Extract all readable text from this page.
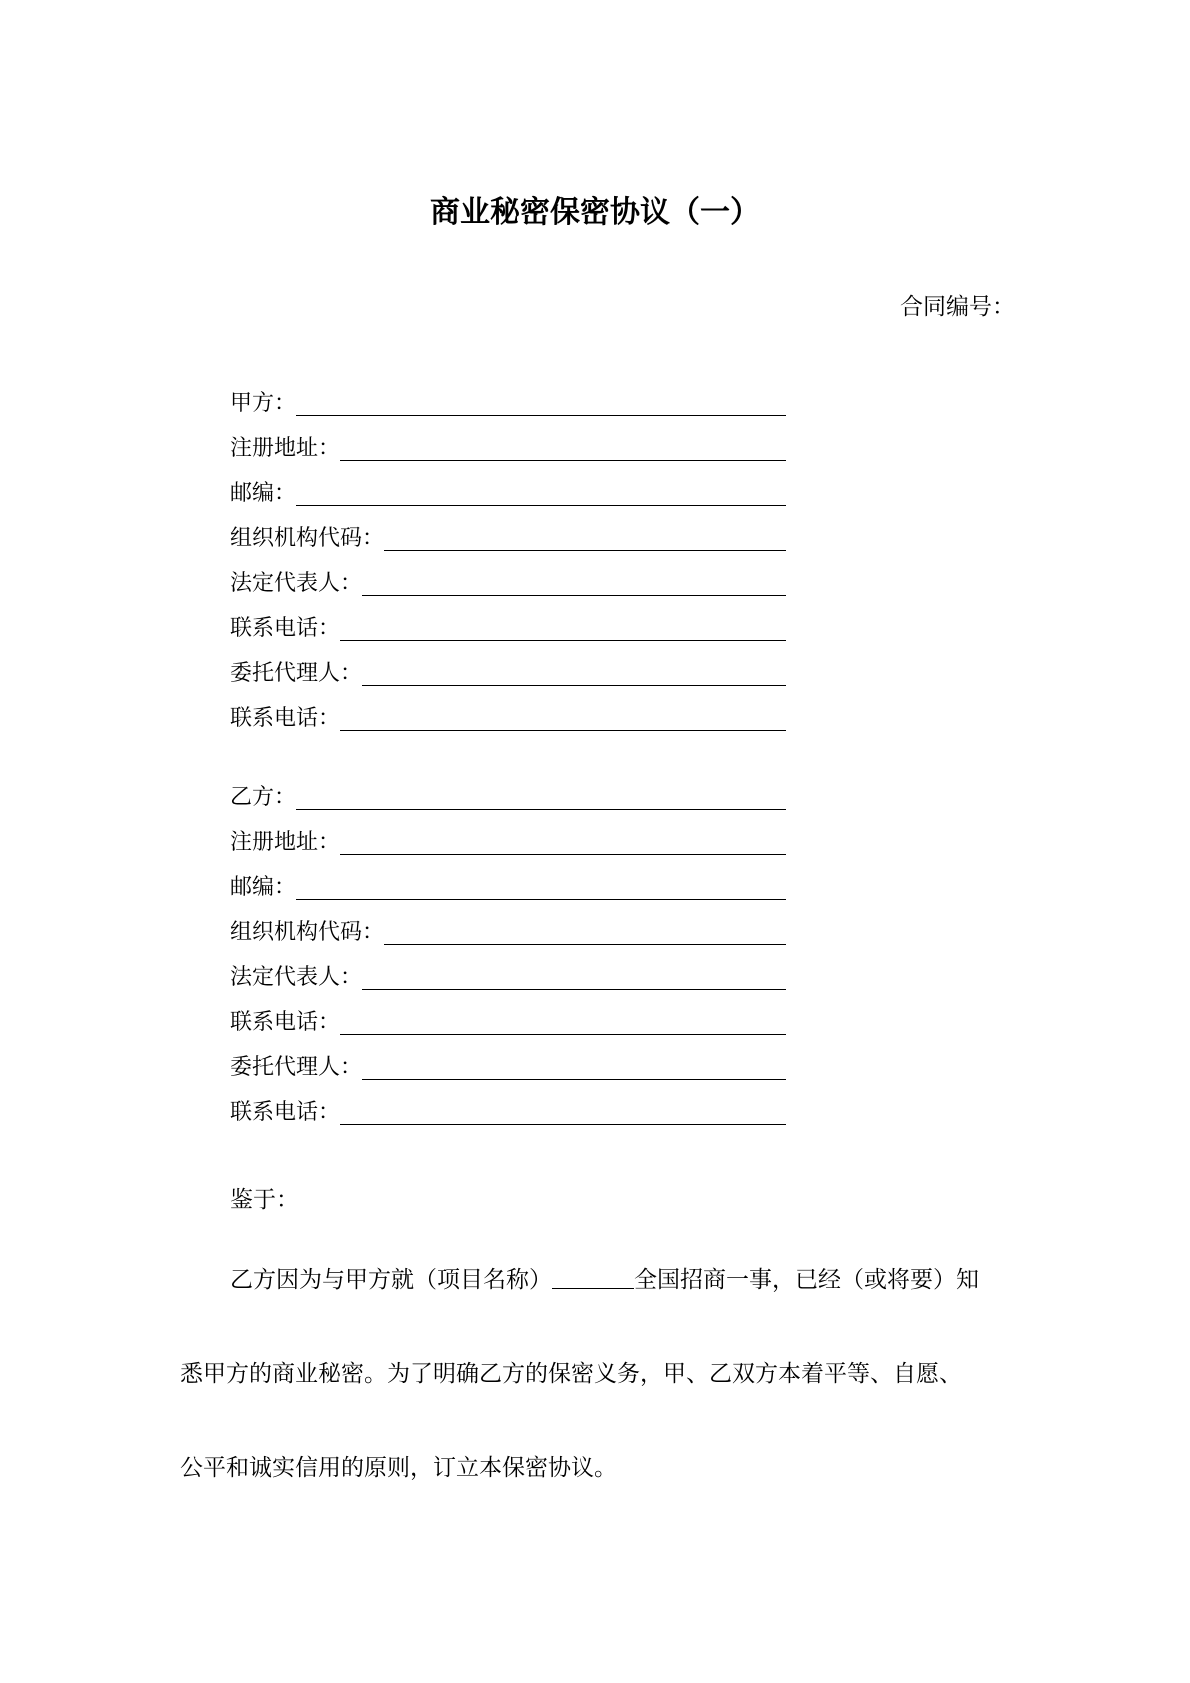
商业秘密保密协议（一）
合同编号：
甲方：
注册地址：
邮编：
组织机构代码：
法定代表人：
联系电话：
委托代理人：
联系电话：
乙方：
注册地址：
邮编：
组织机构代码：
法定代表人：
联系电话：
委托代理人：
联系电话：
鉴于：
乙方因为与甲方就（项目名称）	全国招商一事，已经（或将要）知
悉甲方的商业秘密。为了明确乙方的保密义务，甲、乙双方本着平等、自愿、
公平和诚实信用的原则，订立本保密协议。
